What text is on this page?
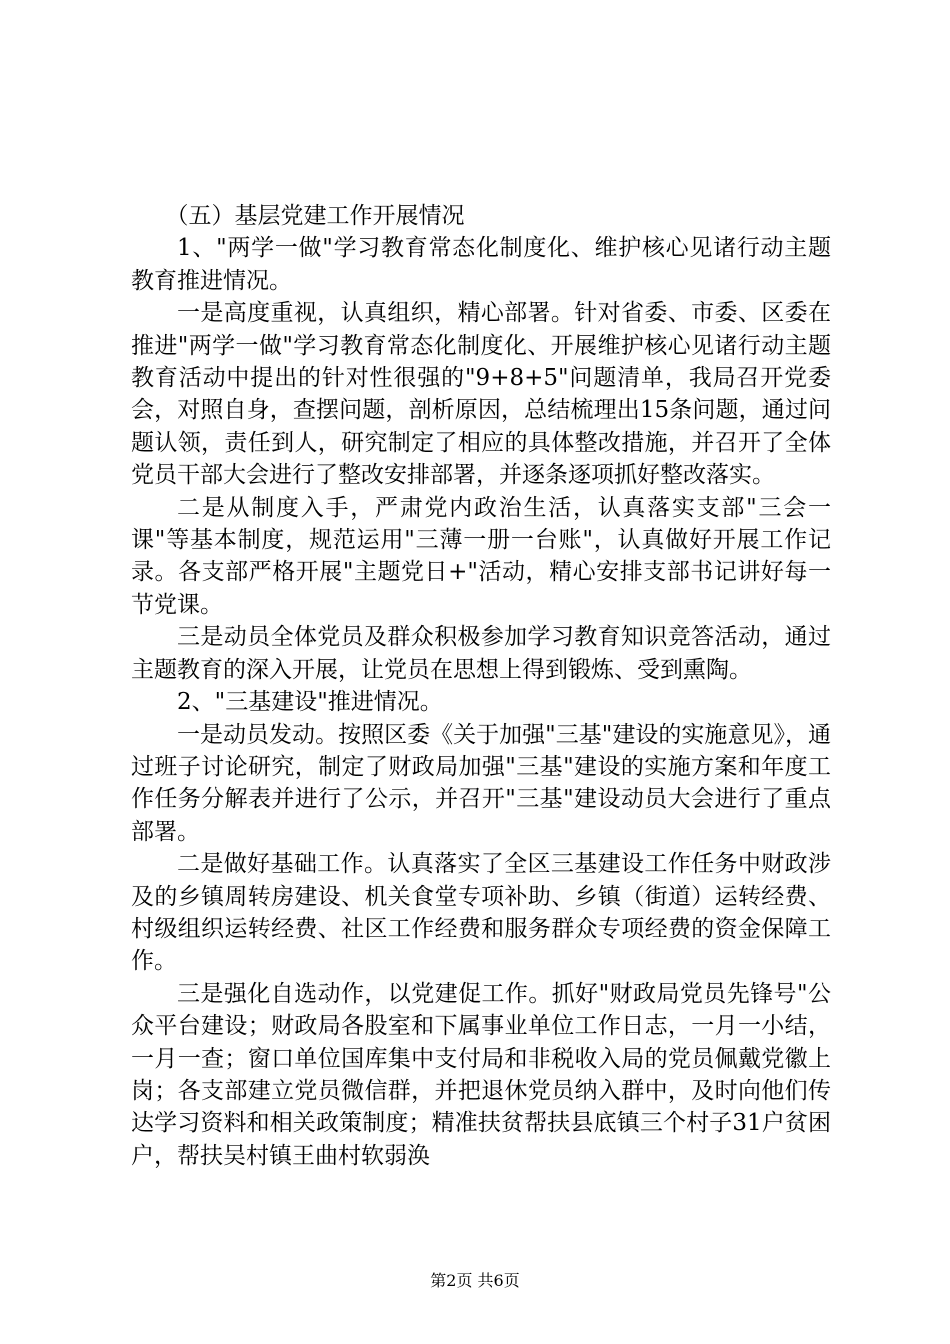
（五）基层党建工作开展情况

1、"两学一做"学习教育常态化制度化、维护核心见诸行动主题教育推进情况。

一是高度重视，认真组织，精心部署。针对省委、市委、区委在推进"两学一做"学习教育常态化制度化、开展维护核心见诸行动主题教育活动中提出的针对性很强的"9+8+5"问题清单，我局召开党委会，对照自身，查摆问题，剖析原因，总结梳理出15条问题，通过问题认领，责任到人，研究制定了相应的具体整改措施，并召开了全体党员干部大会进行了整改安排部署，并逐条逐项抓好整改落实。

二是从制度入手，严肃党内政治生活，认真落实支部"三会一课"等基本制度，规范运用"三薄一册一台账"，认真做好开展工作记录。各支部严格开展"主题党日+"活动，精心安排支部书记讲好每一节党课。

三是动员全体党员及群众积极参加学习教育知识竞答活动，通过主题教育的深入开展，让党员在思想上得到锻炼、受到熏陶。

2、"三基建设"推进情况。

一是动员发动。按照区委《关于加强"三基"建设的实施意见》，通过班子讨论研究，制定了财政局加强"三基"建设的实施方案和年度工作任务分解表并进行了公示，并召开"三基"建设动员大会进行了重点部署。

二是做好基础工作。认真落实了全区三基建设工作任务中财政涉及的乡镇周转房建设、机关食堂专项补助、乡镇（街道）运转经费、村级组织运转经费、社区工作经费和服务群众专项经费的资金保障工作。

三是强化自选动作，以党建促工作。抓好"财政局党员先锋号"公众平台建设；财政局各股室和下属事业单位工作日志，一月一小结，一月一查；窗口单位国库集中支付局和非税收入局的党员佩戴党徽上岗；各支部建立党员微信群，并把退休党员纳入群中，及时向他们传达学习资料和相关政策制度；精准扶贫帮扶县底镇三个村子31户贫困户，帮扶吴村镇王曲村软弱涣

第2页 共6页
